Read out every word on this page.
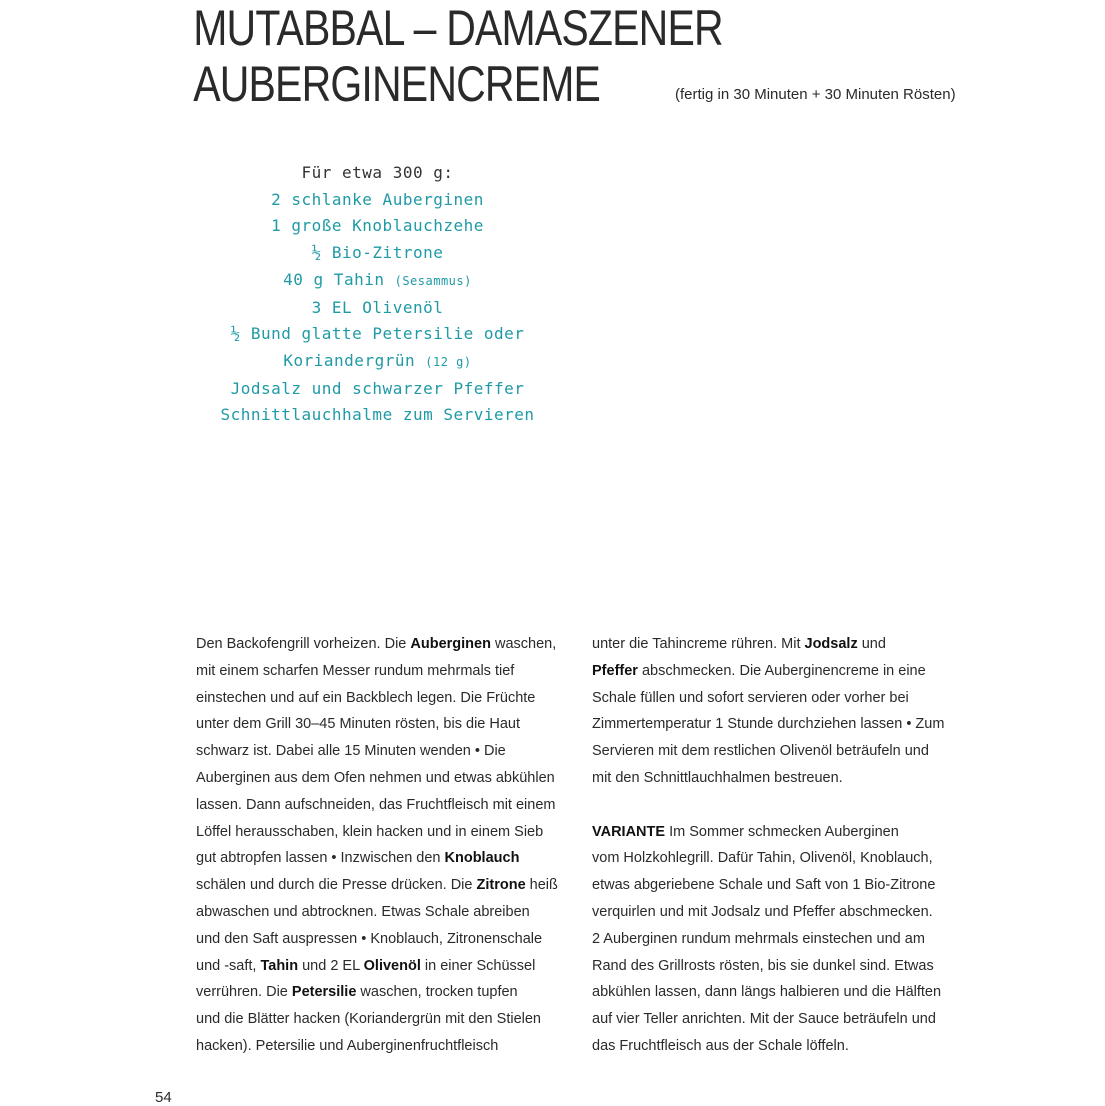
MUTABBAL – DAMASZENER
AUBERGINENCREME	(fertig in 30 Minuten + 30 Minuten Rösten)
Für etwa 300 g:
2 schlanke Auberginen
1 große Knoblauchzehe
½ Bio-Zitrone
40 g Tahin (Sesammus)
3 EL Olivenöl
½ Bund glatte Petersilie oder
Koriandergrün (12 g)
Jodsalz und schwarzer Pfeffer
Schnittlauchhalme zum Servieren

Den Backofengrill vorheizen. Die Auberginen waschen,

mit einem scharfen Messer rundum mehrmals tief

einstechen und auf ein Backblech legen. Die Früchte

unter dem Grill 30–45 Minuten rösten, bis die Haut

schwarz ist. Dabei alle 15 Minuten wenden • Die

Auberginen aus dem Ofen nehmen und etwas abkühlen

lassen. Dann aufschneiden, das Fruchtfleisch mit einem

Löffel herausschaben, klein hacken und in einem Sieb

gut abtropfen lassen • Inzwischen den Knoblauch

schälen und durch die Presse drücken. Die Zitrone heiß

abwaschen und abtrocknen. Etwas Schale abreiben

und den Saft auspressen • Knoblauch, Zitronenschale

und -saft, Tahin und 2 EL Olivenöl in einer Schüssel

verrühren. Die Petersilie waschen, trocken tupfen

und die Blätter hacken (Koriandergrün mit den Stielen

hacken). Petersilie und Auberginenfruchtfleisch

unter die Tahincreme rühren. Mit Jodsalz und

Pfeffer abschmecken. Die Auberginencreme in eine

Schale füllen und sofort servieren oder vorher bei

Zimmertemperatur 1 Stunde durchziehen lassen • Zum

Servieren mit dem restlichen Olivenöl beträufeln und

mit den Schnittlauchhalmen bestreuen.

VARIANTE Im Sommer schmecken Auberginen

vom Holzkohlegrill. Dafür Tahin, Olivenöl, Knoblauch,

etwas abgeriebene Schale und Saft von 1 Bio-Zitrone

verquirlen und mit Jodsalz und Pfeffer abschmecken.

2 Auberginen rundum mehrmals einstechen und am

Rand des Grillrosts rösten, bis sie dunkel sind. Etwas

abkühlen lassen, dann längs halbieren und die Hälften

auf vier Teller anrichten. Mit der Sauce beträufeln und

das Fruchtfleisch aus der Schale löffeln.

54
